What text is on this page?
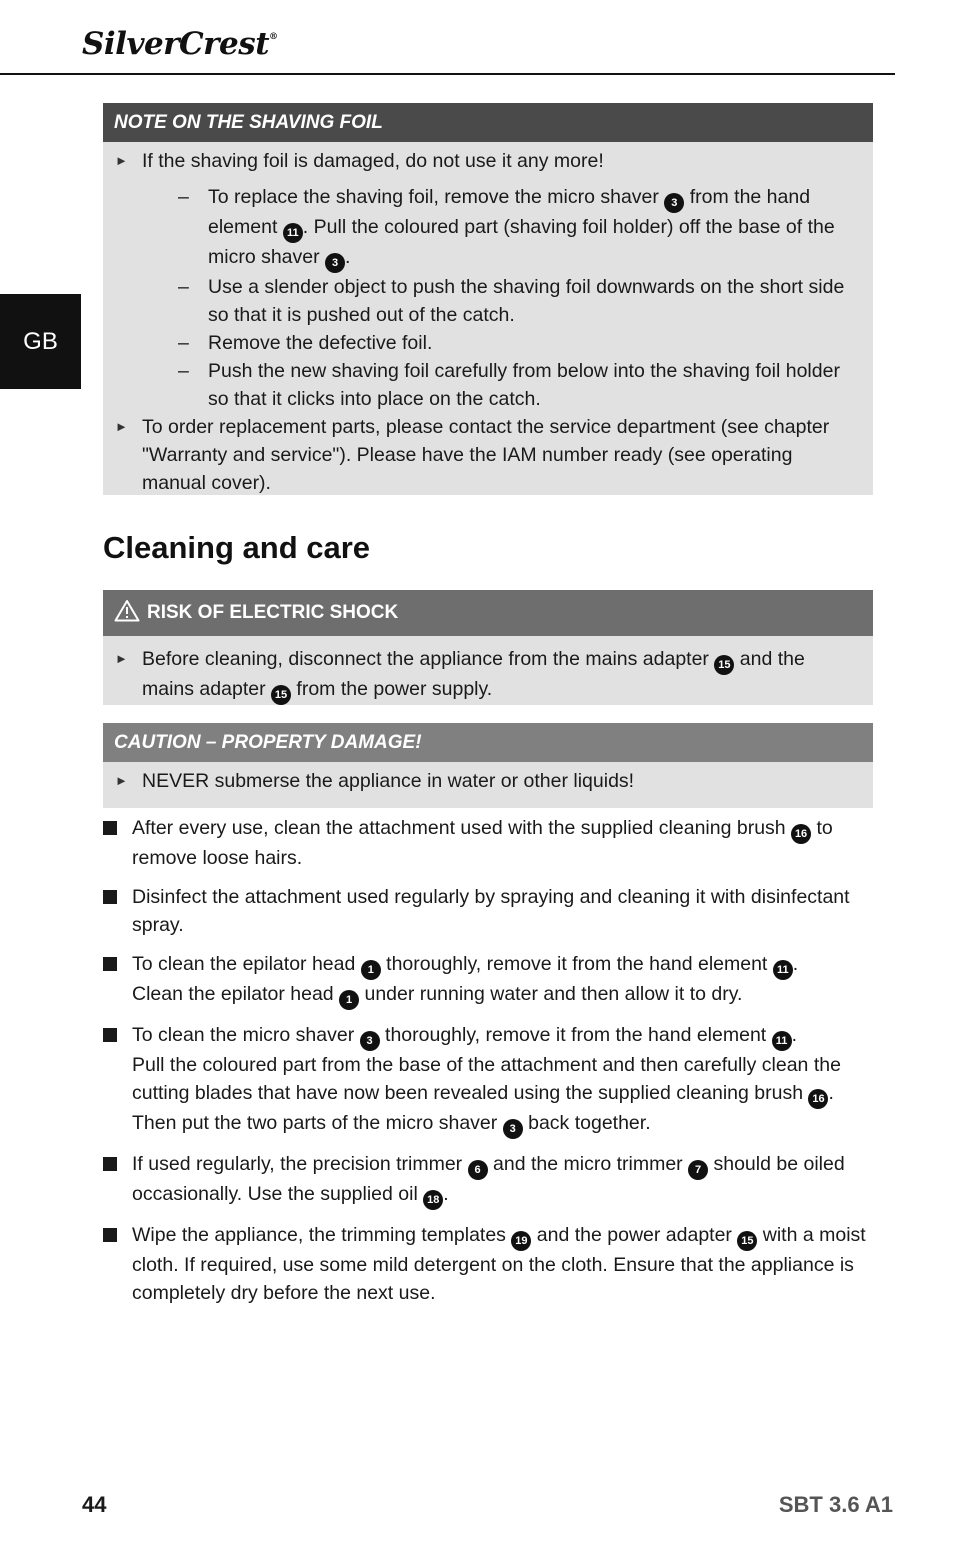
SilverCrest®
GB
NOTE ON THE SHAVING FOIL
► If the shaving foil is damaged, do not use it any more!
– To replace the shaving foil, remove the micro shaver 3 from the hand element 11 . Pull the coloured part (shaving foil holder) off the base of the micro shaver 3 .
– Use a slender object to push the shaving foil downwards on the short side so that it is pushed out of the catch.
– Remove the defective foil.
– Push the new shaving foil carefully from below into the shaving foil holder so that it clicks into place on the catch.
► To order replacement parts, please contact the service department (see chapter "Warranty and service"). Please have the IAM number ready (see operating manual cover).
Cleaning and care
RISK OF ELECTRIC SHOCK
► Before cleaning, disconnect the appliance from the mains adapter 15 and the mains adapter 15 from the power supply.
CAUTION – PROPERTY DAMAGE!
► NEVER submerse the appliance in water or other liquids!
After every use, clean the attachment used with the supplied cleaning brush 16 to remove loose hairs.
Disinfect the attachment used regularly by spraying and cleaning it with disinfectant spray.
To clean the epilator head 1 thoroughly, remove it from the hand element 11 .
Clean the epilator head 1 under running water and then allow it to dry.
To clean the micro shaver 3 thoroughly, remove it from the hand element 11 .
Pull the coloured part from the base of the attachment and then carefully clean the cutting blades that have now been revealed using the supplied cleaning brush 16 .
Then put the two parts of the micro shaver 3 back together.
If used regularly, the precision trimmer 6 and the micro trimmer 7 should be oiled occasionally. Use the supplied oil 18 .
Wipe the appliance, the trimming templates 19 and the power adapter 15 with a moist cloth. If required, use some mild detergent on the cloth. Ensure that the appliance is completely dry before the next use.
44	SBT 3.6 A1
